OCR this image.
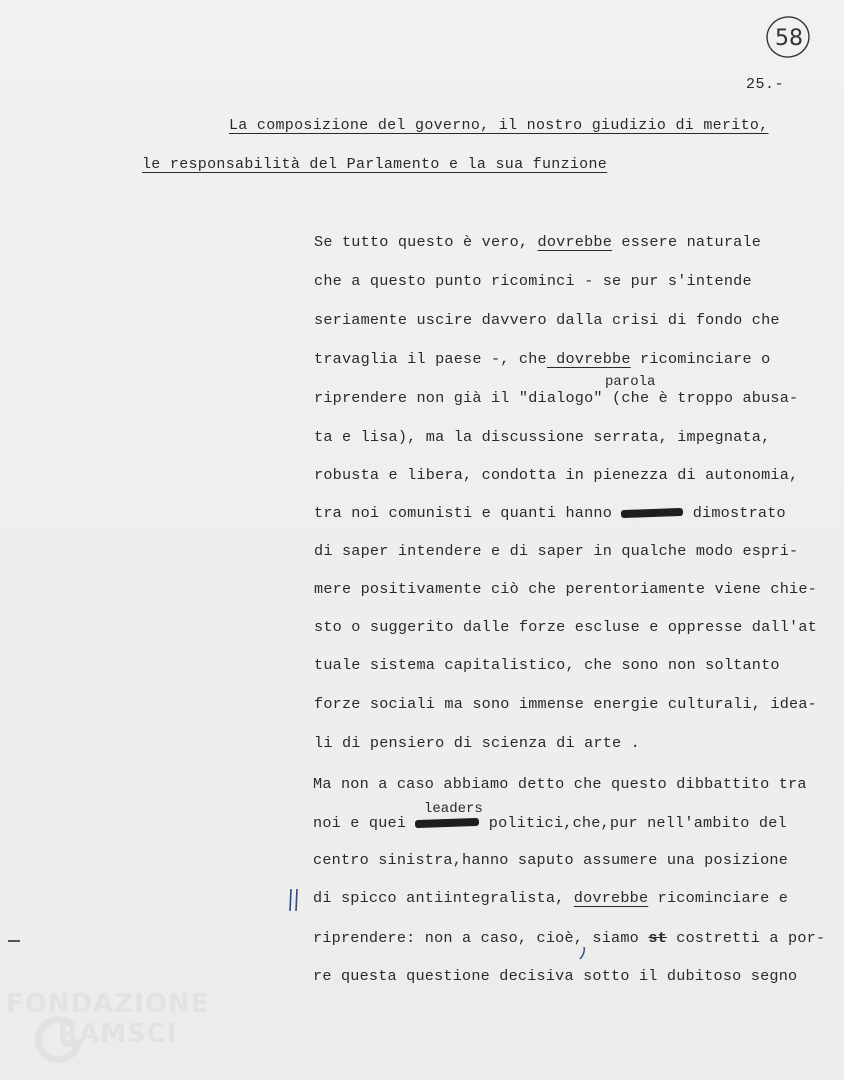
58
25.-
La composizione del governo, il nostro giudizio di merito,
le responsabilità del Parlamento e la sua funzione
Se tutto questo è vero, dovrebbe essere naturale
che a questo punto ricominci - se pur s'intende
seriamente uscire davvero dalla crisi di fondo che
travaglia il paese -, che dovrebbe ricominciare o
parola
riprendere non già il "dialogo" (che è troppo abusa-
ta e lisa), ma la discussione serrata, impegnata,
robusta e libera, condotta in pienezza di autonomia,
tra noi comunisti e quanti hanno	dimostrato
di saper intendere e di saper in qualche modo espri-
mere positivamente ciò che perentoriamente viene chie-
sto o suggerito dalle forze escluse e oppresse dall'at
tuale sistema capitalistico, che sono non soltanto
forze sociali ma sono immense energie culturali, idea-
li di pensiero di scienza di arte .
Ma non a caso abbiamo detto che questo dibbattito tra
leaders
noi e quei	politici,che,pur nell'ambito del
centro sinistra,hanno saputo assumere una posizione
di spicco antiintegralista, dovrebbe ricominciare e
riprendere: non a caso, cioè, siamo st costretti a por-
re questa questione decisiva sotto il dubitoso segno
FONDAZIONE
RAMSCI
